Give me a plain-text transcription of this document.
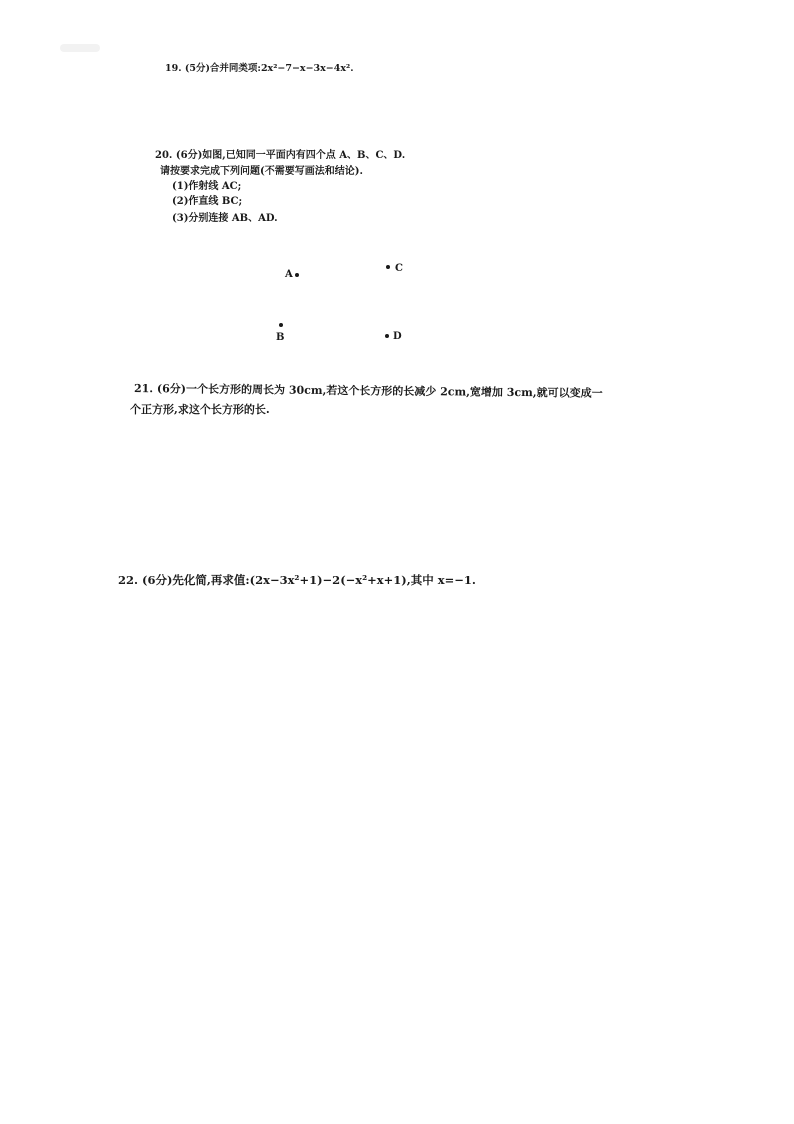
19. (5分)合并同类项:2x²−7−x−3x−4x².
20. (6分)如图,已知同一平面内有四个点 A、B、C、D.
请按要求完成下列问题(不需要写画法和结论).
(1)作射线 AC;
(2)作直线 BC;
(3)分别连接 AB、AD.
A
C
B	D
21. (6分)一个长方形的周长为 30cm,若这个长方形的长减少 2cm,宽增加 3cm,就可以变成一
个正方形,求这个长方形的长.
22. (6分)先化简,再求值:(2x−3x²+1)−2(−x²+x+1),其中 x=−1.
